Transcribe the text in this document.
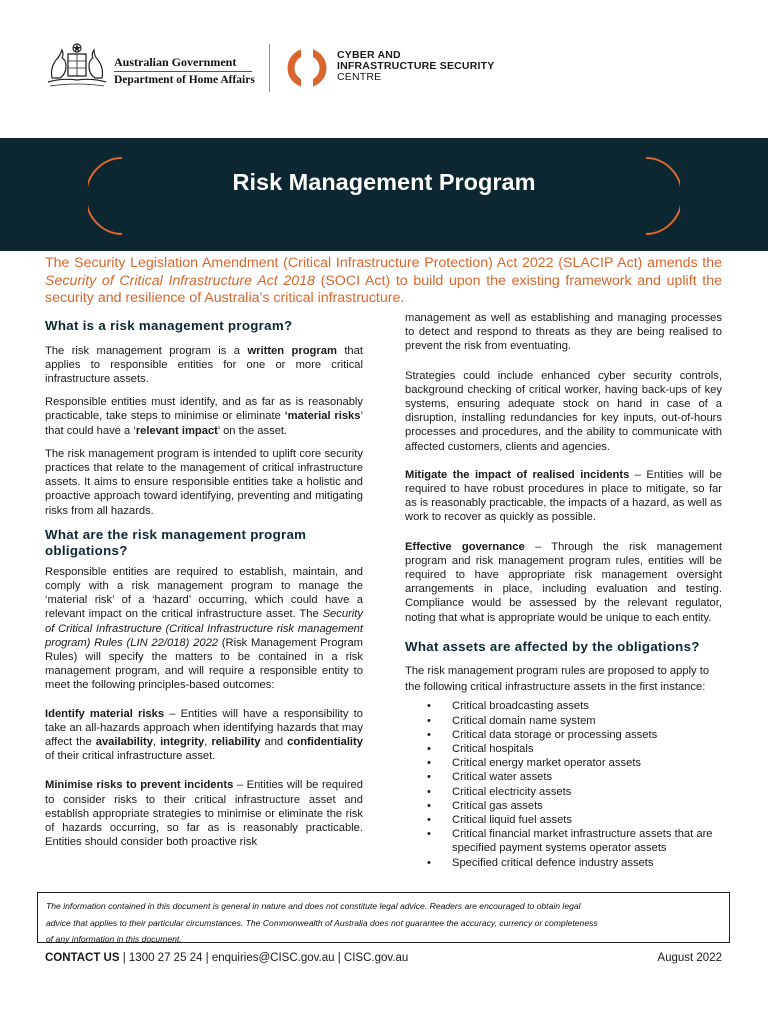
Australian Government
Department of Home Affairs
CYBER AND
INFRASTRUCTURE SECURITY
CENTRE
Risk Management Program
The Security Legislation Amendment (Critical Infrastructure Protection) Act 2022 (SLACIP Act) amends the Security of Critical Infrastructure Act 2018 (SOCI Act) to build upon the existing framework and uplift the security and resilience of Australia’s critical infrastructure.
What is a risk management program?

The risk management program is a written program that applies to responsible entities for one or more critical infrastructure assets.

Responsible entities must identify, and as far as is reasonably practicable, take steps to minimise or eliminate ‘material risks’ that could have a ‘relevant impact’ on the asset.

The risk management program is intended to uplift core security practices that relate to the management of critical infrastructure assets. It aims to ensure responsible entities take a holistic and proactive approach toward identifying, preventing and mitigating risks from all hazards.

What are the risk management program obligations?

Responsible entities are required to establish, maintain, and comply with a risk management program to manage the ‘material risk’ of a ‘hazard’ occurring, which could have a relevant impact on the critical infrastructure asset. The Security of Critical Infrastructure (Critical Infrastructure risk management program) Rules (LIN 22/018) 2022 (Risk Management Program Rules) will specify the matters to be contained in a risk management program, and will require a responsible entity to meet the following principles-based outcomes:

Identify material risks – Entities will have a responsibility to take an all-hazards approach when identifying hazards that may affect the availability, integrity, reliability and confidentiality of their critical infrastructure asset.

Minimise risks to prevent incidents – Entities will be required to consider risks to their critical infrastructure asset and establish appropriate strategies to minimise or eliminate the risk of hazards occurring, so far as is reasonably practicable. Entities should consider both proactive risk

management as well as establishing and managing processes to detect and respond to threats as they are being realised to prevent the risk from eventuating.

Strategies could include enhanced cyber security controls, background checking of critical worker, having back-ups of key systems, ensuring adequate stock on hand in case of a disruption, installing redundancies for key inputs, out-of-hours processes and procedures, and the ability to communicate with affected customers, clients and agencies.

Mitigate the impact of realised incidents – Entities will be required to have robust procedures in place to mitigate, so far as is reasonably practicable, the impacts of a hazard, as well as work to recover as quickly as possible.

Effective governance – Through the risk management program and risk management program rules, entities will be required to have appropriate risk management oversight arrangements in place, including evaluation and testing. Compliance would be assessed by the relevant regulator, noting that what is appropriate would be unique to each entity.

What assets are affected by the obligations?

The risk management program rules are proposed to apply to the following critical infrastructure assets in the first instance:

• Critical broadcasting assets
• Critical domain name system
• Critical data storage or processing assets
• Critical hospitals
• Critical energy market operator assets
• Critical water assets
• Critical electricity assets
• Critical gas assets
• Critical liquid fuel assets
• Critical financial market infrastructure assets that are specified payment systems operator assets
• Specified critical defence industry assets
The information contained in this document is general in nature and does not constitute legal advice. Readers are encouraged to obtain legal
advice that applies to their particular circumstances. The Commonwealth of Australia does not guarantee the accuracy, currency or completeness
of any information in this document.
CONTACT US | 1300 27 25 24 | enquiries@CISC.gov.au | CISC.gov.au	August 2022
